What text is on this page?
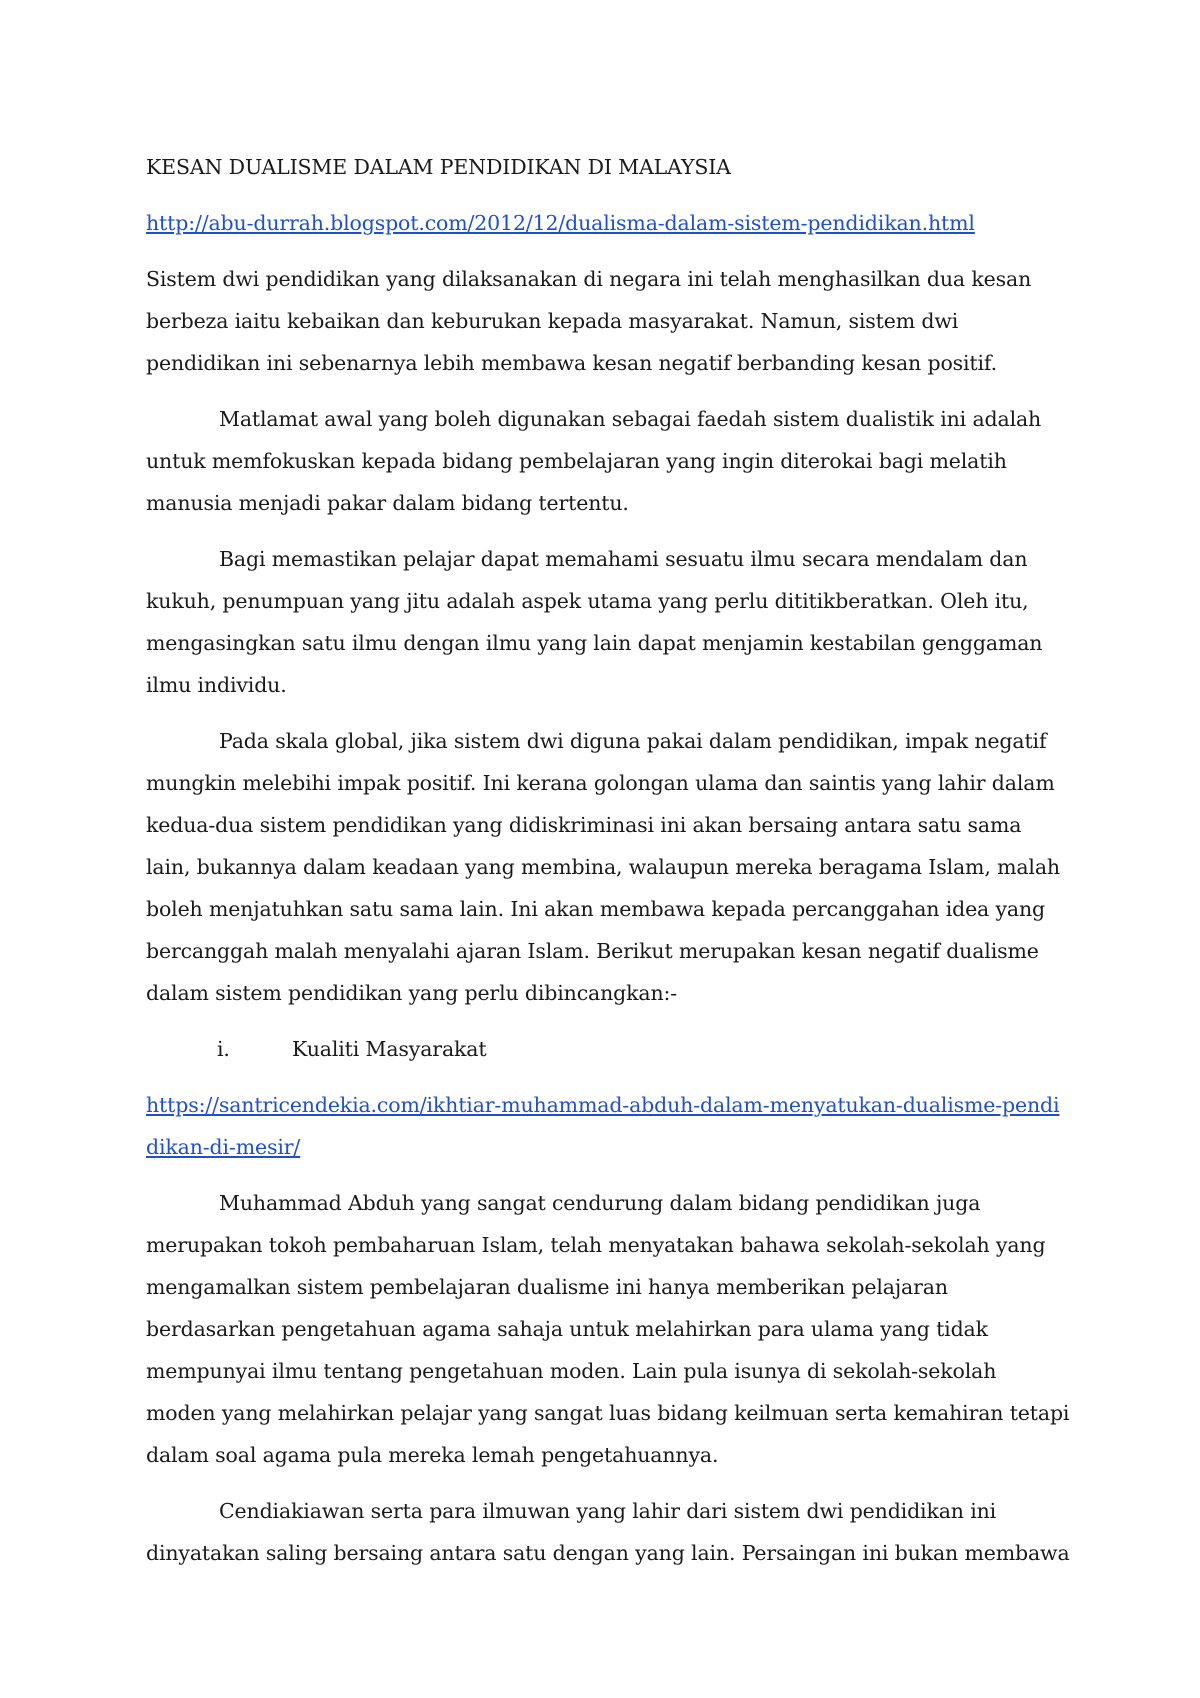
KESAN DUALISME DALAM PENDIDIKAN DI MALAYSIA

http://abu-durrah.blogspot.com/2012/12/dualisma-dalam-sistem-pendidikan.html

Sistem dwi pendidikan yang dilaksanakan di negara ini telah menghasilkan dua kesan berbeza iaitu kebaikan dan keburukan kepada masyarakat. Namun, sistem dwi pendidikan ini sebenarnya lebih membawa kesan negatif berbanding kesan positif.

Matlamat awal yang boleh digunakan sebagai faedah sistem dualistik ini adalah untuk memfokuskan kepada bidang pembelajaran yang ingin diterokai bagi melatih manusia menjadi pakar dalam bidang tertentu.

Bagi memastikan pelajar dapat memahami sesuatu ilmu secara mendalam dan kukuh, penumpuan yang jitu adalah aspek utama yang perlu dititikberatkan. Oleh itu, mengasingkan satu ilmu dengan ilmu yang lain dapat menjamin kestabilan genggaman ilmu individu.

Pada skala global, jika sistem dwi diguna pakai dalam pendidikan, impak negatif mungkin melebihi impak positif. Ini kerana golongan ulama dan saintis yang lahir dalam kedua-dua sistem pendidikan yang didiskriminasi ini akan bersaing antara satu sama lain, bukannya dalam keadaan yang membina, walaupun mereka beragama Islam, malah boleh menjatuhkan satu sama lain. Ini akan membawa kepada percanggahan idea yang bercanggah malah menyalahi ajaran Islam. Berikut merupakan kesan negatif dualisme dalam sistem pendidikan yang perlu dibincangkan:-

i.	Kualiti Masyarakat

https://santricendekia.com/ikhtiar-muhammad-abduh-dalam-menyatukan-dualisme-pendidikan-di-mesir/

Muhammad Abduh yang sangat cendurung dalam bidang pendidikan juga merupakan tokoh pembaharuan Islam, telah menyatakan bahawa sekolah-sekolah yang mengamalkan sistem pembelajaran dualisme ini hanya memberikan pelajaran berdasarkan pengetahuan agama sahaja untuk melahirkan para ulama yang tidak mempunyai ilmu tentang pengetahuan moden. Lain pula isunya di sekolah-sekolah moden yang melahirkan pelajar yang sangat luas bidang keilmuan serta kemahiran tetapi dalam soal agama pula mereka lemah pengetahuannya.

Cendiakiawan serta para ilmuwan yang lahir dari sistem dwi pendidikan ini dinyatakan saling bersaing antara satu dengan yang lain. Persaingan ini bukan membawa
